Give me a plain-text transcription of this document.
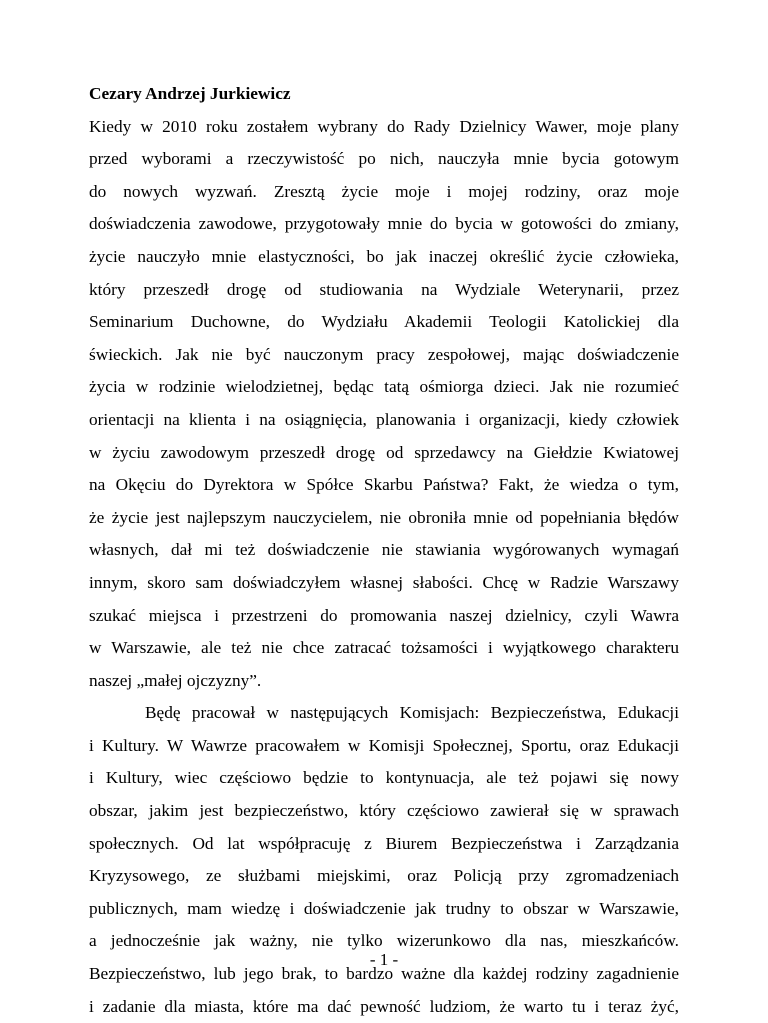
Cezary Andrzej Jurkiewicz
Kiedy w 2010 roku zostałem wybrany do Rady Dzielnicy Wawer, moje plany
przed wyborami a rzeczywistość po nich, nauczyła mnie bycia gotowym
do nowych wyzwań. Zresztą życie moje i mojej rodziny, oraz moje
doświadczenia zawodowe, przygotowały mnie do bycia w gotowości do zmiany,
życie nauczyło mnie elastyczności, bo jak inaczej określić życie człowieka,
który przeszedł drogę od studiowania na Wydziale Weterynarii, przez
Seminarium Duchowne, do Wydziału Akademii Teologii Katolickiej dla
świeckich. Jak nie być nauczonym pracy zespołowej, mając doświadczenie
życia w rodzinie wielodzietnej, będąc tatą ośmiorga dzieci. Jak nie rozumieć
orientacji na klienta i na osiągnięcia, planowania i organizacji, kiedy człowiek
w życiu zawodowym przeszedł drogę od sprzedawcy na Giełdzie Kwiatowej
na Okęciu do Dyrektora w Spółce Skarbu Państwa? Fakt, że wiedza o tym,
że życie jest najlepszym nauczycielem, nie obroniła mnie od popełniania błędów
własnych, dał mi też doświadczenie nie stawiania wygórowanych wymagań
innym, skoro sam doświadczyłem własnej słabości. Chcę w Radzie Warszawy
szukać miejsca i przestrzeni do promowania naszej dzielnicy, czyli Wawra
w Warszawie, ale też nie chce zatracać tożsamości i wyjątkowego charakteru
naszej „małej ojczyzny”.
Będę pracował w następujących Komisjach: Bezpieczeństwa, Edukacji
i Kultury. W Wawrze pracowałem w Komisji Społecznej, Sportu, oraz Edukacji
i Kultury, wiec częściowo będzie to kontynuacja, ale też pojawi się nowy
obszar, jakim jest bezpieczeństwo, który częściowo zawierał się w sprawach
społecznych. Od lat współpracuję z Biurem Bezpieczeństwa i Zarządzania
Kryzysowego, ze służbami miejskimi, oraz Policją przy zgromadzeniach
publicznych, mam wiedzę i doświadczenie jak trudny to obszar w Warszawie,
a jednocześnie jak ważny, nie tylko wizerunkowo dla nas, mieszkańców.
Bezpieczeństwo, lub jego brak, to bardzo ważne dla każdej rodziny zagadnienie
i zadanie dla miasta, które ma dać pewność ludziom, że warto tu i teraz żyć,
- 1 -
